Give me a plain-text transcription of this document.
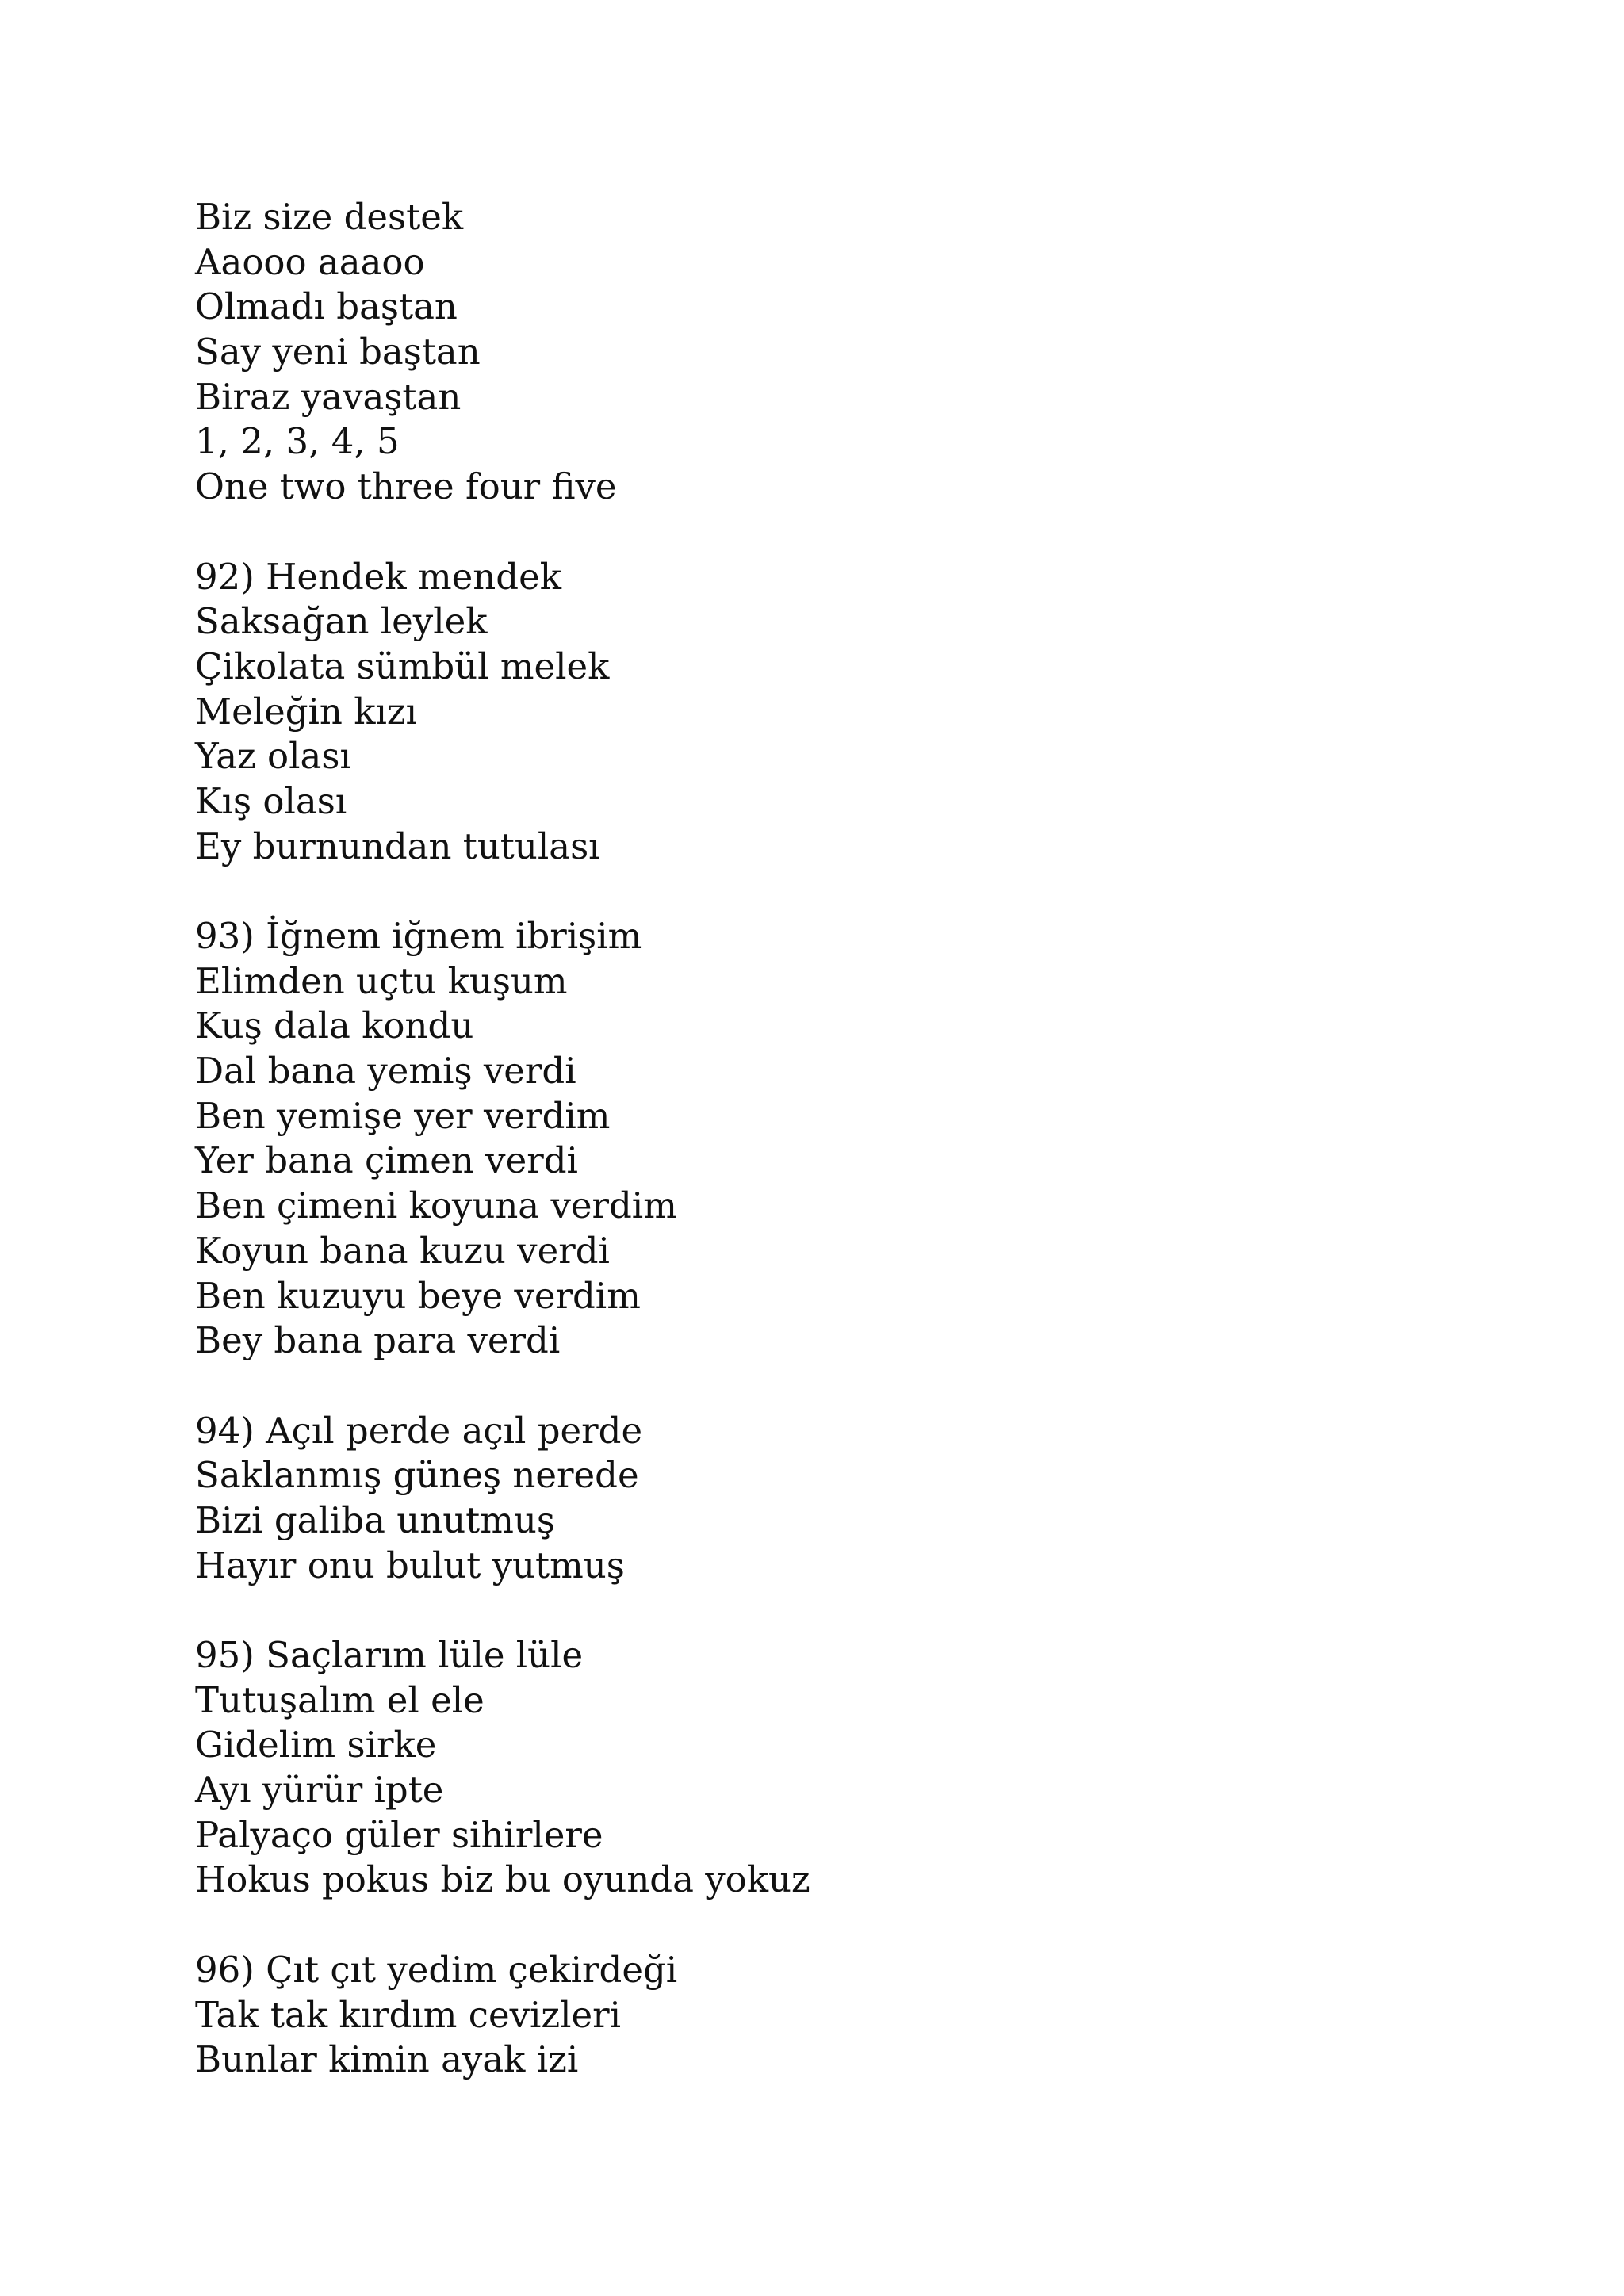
Biz size destek
Aaooo aaaoo
Olmadı baştan
Say yeni baştan
Biraz yavaştan
1, 2, 3, 4, 5
One two three four five
92) Hendek mendek
Saksağan leylek
Çikolata sümbül melek
Meleğin kızı
Yaz olası
Kış olası
Ey burnundan tutulası
93) İğnem iğnem ibrişim
Elimden uçtu kuşum
Kuş dala kondu
Dal bana yemiş verdi
Ben yemişe yer verdim
Yer bana çimen verdi
Ben çimeni koyuna verdim
Koyun bana kuzu verdi
Ben kuzuyu beye verdim
Bey bana para verdi
94) Açıl perde açıl perde
Saklanmış güneş nerede
Bizi galiba unutmuş
Hayır onu bulut yutmuş
95) Saçlarım lüle lüle
Tutuşalım el ele
Gidelim sirke
Ayı yürür ipte
Palyaço güler sihirlere
Hokus pokus biz bu oyunda yokuz
96) Çıt çıt yedim çekirdeği
Tak tak kırdım cevizleri
Bunlar kimin ayak izi
